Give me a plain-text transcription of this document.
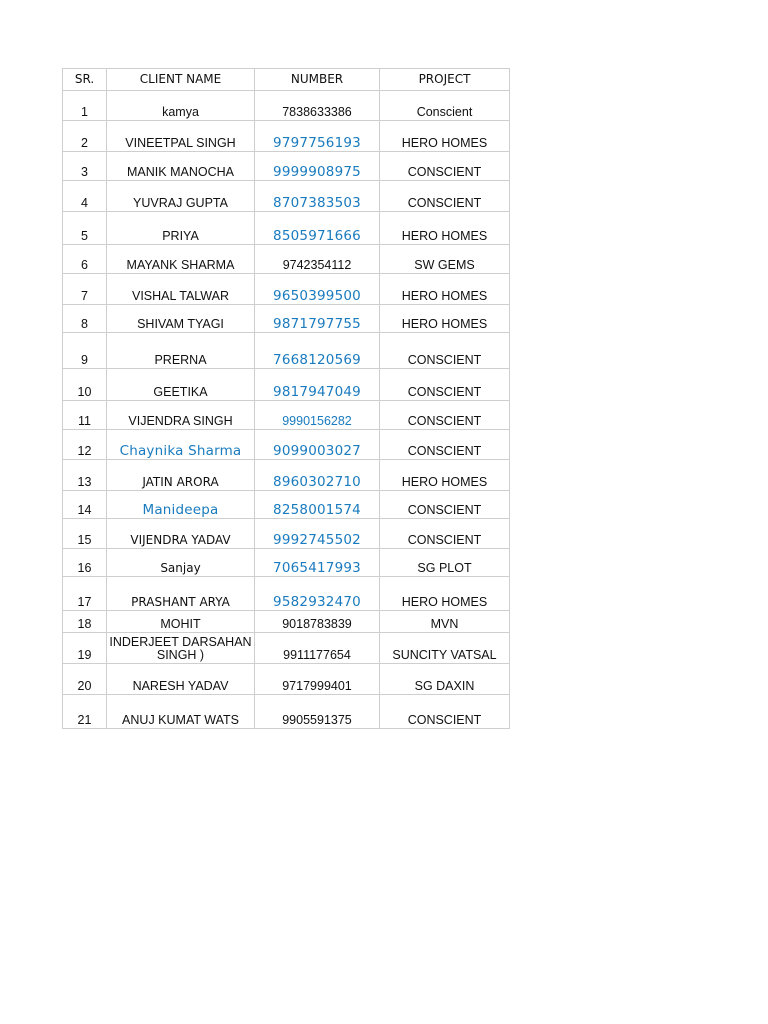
SR.	CLIENT NAME	NUMBER	PROJECT
1	kamya	7838633386	Conscient
2	VINEETPAL SINGH	9797756193	HERO HOMES
3	MANIK MANOCHA	9999908975	CONSCIENT
4	YUVRAJ GUPTA	8707383503	CONSCIENT
5	PRIYA	8505971666	HERO HOMES
6	MAYANK SHARMA	9742354112	SW GEMS
7	VISHAL TALWAR	9650399500	HERO HOMES
8	SHIVAM TYAGI	9871797755	HERO HOMES
9	PRERNA	7668120569	CONSCIENT
10	GEETIKA	9817947049	CONSCIENT
11	VIJENDRA SINGH	9990156282	CONSCIENT
12	Chaynika Sharma	9099003027	CONSCIENT
13	JATIN ARORA	8960302710	HERO HOMES
14	Manideepa	8258001574	CONSCIENT
15	VIJENDRA YADAV	9992745502	CONSCIENT
16	Sanjay	7065417993	SG PLOT
17	PRASHANT ARYA	9582932470	HERO HOMES
18	MOHIT	9018783839	MVN
19	INDERJEET DARSAHAN SINGH )	9911177654	SUNCITY VATSAL
20	NARESH YADAV	9717999401	SG DAXIN
21	ANUJ KUMAT WATS	9905591375	CONSCIENT
